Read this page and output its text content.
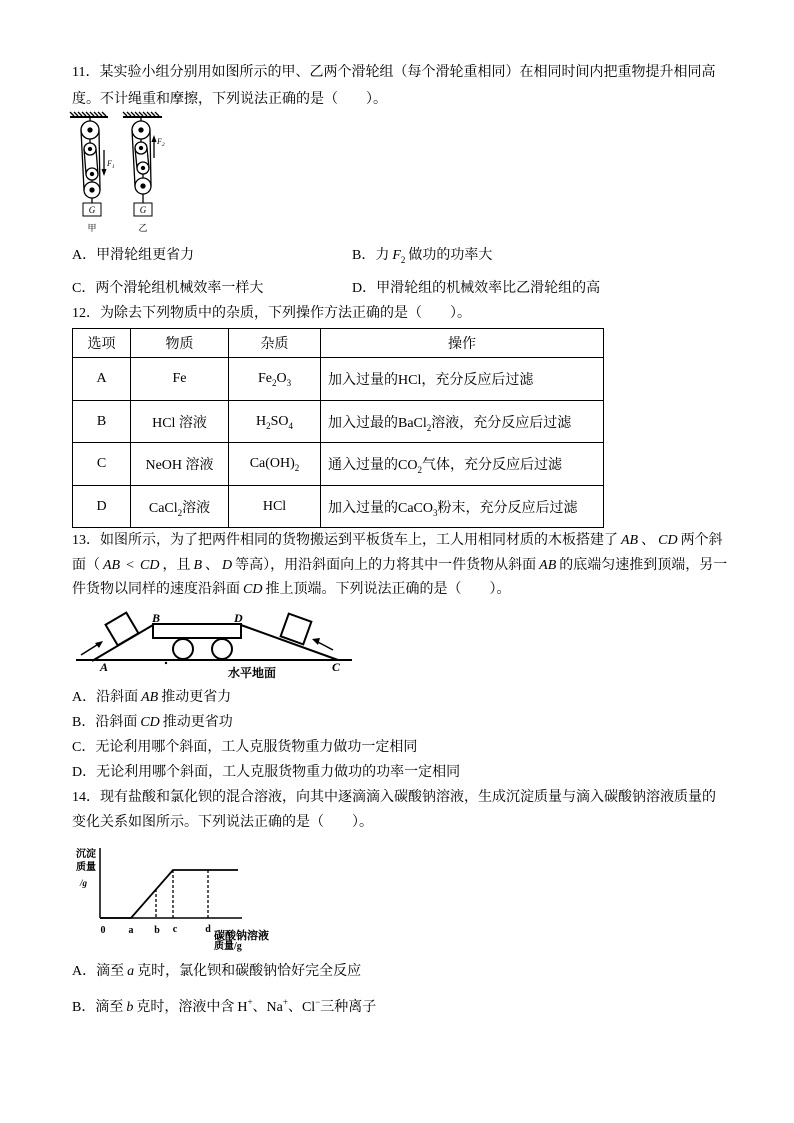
11． 某实验小组分别用如图所示的甲、乙两个滑轮组（每个滑轮重相同）在相同时间内把重物提升相同高
度。不计绳重和摩擦，下列说法正确的是（　　）。
G
$F_1$
甲
G
$F_2$
乙
A．甲滑轮组更省力	B．力 F 2 做功的功率大
C．两个滑轮组机械效率一样大	D．甲滑轮组的机械效率比乙滑轮组的高
12．为除去下列物质中的杂质，下列操作方法正确的是（　　）。
选项	物质	杂质	操作
A	Fe	Fe 2 O 3	加入过量的HCl，充分反应后过滤

B	HCl 溶液	H 2 SO 4	加入过最的BaCl 2 溶液，充分反应后过滤

C	NeOH 溶液	Ca(OH) 2	通入过量的CO 2 气体，充分反应后过滤

D	CaCl 2 溶液	HCl	加入过量的CaCO 3 粉末，充分反应后过滤
13． 如图所示，为了把两件相同的货物搬运到平板货车上，工人用相同材质的木板搭建了 AB 、 CD 两个斜
面（ AB < CD ，且 B 、 D 等高），用沿斜面向上的力将其中一件货物从斜面 AB 的底端匀速推到顶端，另一
件货物以同样的速度沿斜面 CD 推上顶端。下列说法正确的是（　　）。
A
B	D
C
水平地面
A．沿斜面 AB 推动更省力
B．沿斜面 CD 推动更省功
C．无论利用哪个斜面，工人克服货物重力做功一定相同
D．无论利用哪个斜面，工人克服货物重力做功的功率一定相同
14． 现有盐酸和氯化钡的混合溶液，向其中逐滴滴入碳酸钠溶液，生成沉淀质量与滴入碳酸钠溶液质量的
变化关系如图所示。下列说法正确的是（　　）。
0 a b c	d
沉淀
质量
/g
碳酸钠溶液
质量/g
A．滴至 a 克时，氯化钡和碳酸钠恰好完全反应
B．滴至 b 克时，溶液中含 H + 、 Na + 、 Cl − 三种离子
